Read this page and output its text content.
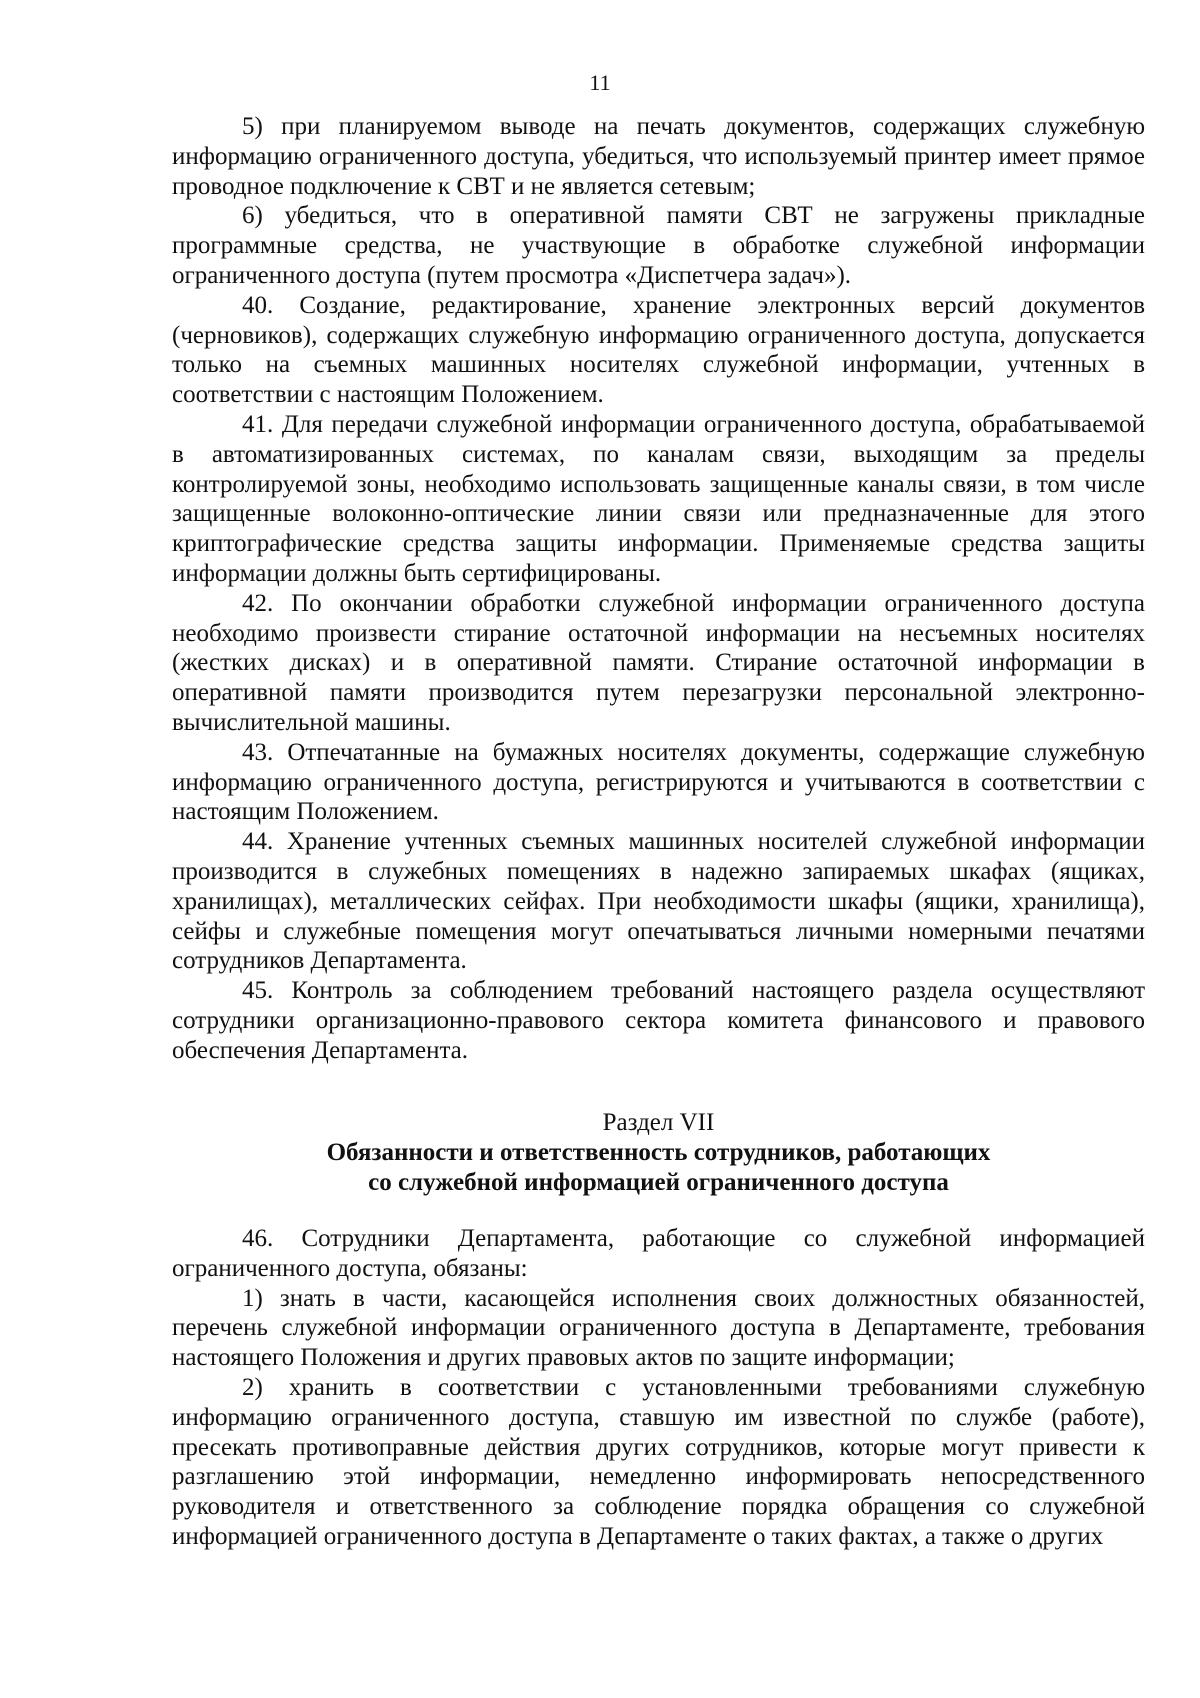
11

5) при планируемом выводе на печать документов, содержащих служебную информацию ограниченного доступа, убедиться, что используемый принтер имеет прямое проводное подключение к СВТ и не является сетевым;

6) убедиться, что в оперативной памяти СВТ не загружены прикладные программные средства, не участвующие в обработке служебной информации ограниченного доступа (путем просмотра «Диспетчера задач»).

40. Создание, редактирование, хранение электронных версий документов (черновиков), содержащих служебную информацию ограниченного доступа, допускается только на съемных машинных носителях служебной информации, учтенных в соответствии с настоящим Положением.

41. Для передачи служебной информации ограниченного доступа, обрабатываемой в автоматизированных системах, по каналам связи, выходящим за пределы контролируемой зоны, необходимо использовать защищенные каналы связи, в том числе защищенные волоконно-оптические линии связи или предназначенные для этого криптографические средства защиты информации. Применяемые средства защиты информации должны быть сертифицированы.

42. По окончании обработки служебной информации ограниченного доступа необходимо произвести стирание остаточной информации на несъемных носителях (жестких дисках) и в оперативной памяти. Стирание остаточной информации в оперативной памяти производится путем перезагрузки персональной электронно-вычислительной машины.

43. Отпечатанные на бумажных носителях документы, содержащие служебную информацию ограниченного доступа, регистрируются и учитываются в соответствии с настоящим Положением.

44. Хранение учтенных съемных машинных носителей служебной информации производится в служебных помещениях в надежно запираемых шкафах (ящиках, хранилищах), металлических сейфах. При необходимости шкафы (ящики, хранилища), сейфы и служебные помещения могут опечатываться личными номерными печатями сотрудников Департамента.

45. Контроль за соблюдением требований настоящего раздела осуществляют сотрудники организационно-правового сектора комитета финансового и правового обеспечения Департамента.

Раздел VII

Обязанности и ответственность сотрудников, работающих

со служебной информацией ограниченного доступа

46. Сотрудники Департамента, работающие со служебной информацией ограниченного доступа, обязаны:

1) знать в части, касающейся исполнения своих должностных обязанностей, перечень служебной информации ограниченного доступа в Департаменте, требования настоящего Положения и других правовых актов по защите информации;

2) хранить в соответствии с установленными требованиями служебную информацию ограниченного доступа, ставшую им известной по службе (работе), пресекать противоправные действия других сотрудников, которые могут привести к разглашению этой информации, немедленно информировать непосредственного руководителя и ответственного за соблюдение порядка обращения со служебной информацией ограниченного доступа в Департаменте о таких фактах, а также о других
